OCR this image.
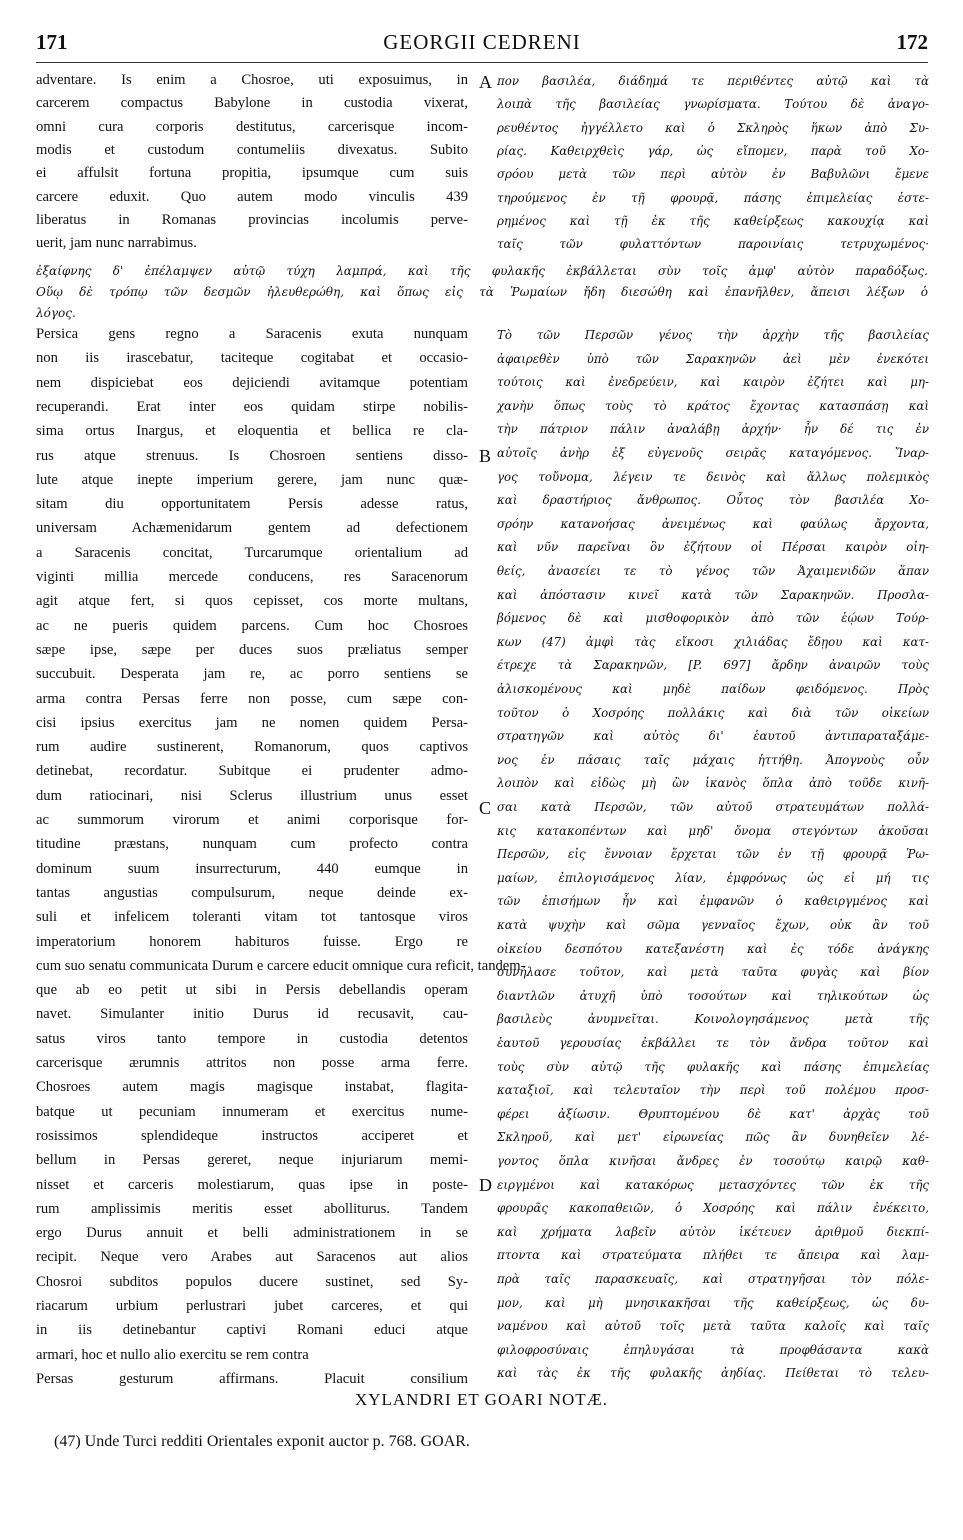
171	GEORGII CEDRENI	172
adventare. Is enim a Chosroe, uti exposuimus, in
carcerem compactus Babylone in custodia vixerat,
omni cura corporis destitutus, carcerisque incom-
modis et custodum contumeliis divexatus. Subito
ei affulsit fortuna propitia, ipsumque cum suis
carcere eduxit. Quo autem modo vinculis 439
liberatus in Romanas provincias incolumis perve-
uerit, jam nunc narrabimus.
πον βασιλέα, διάδημά τε περιθέντες αὐτῷ καὶ τὰ
λοιπὰ τῆς βασιλείας γνωρίσματα. Τούτου δὲ ἀναγο-
ρευθέντος ἠγγέλλετο καὶ ὁ Σκληρὸς ἥκων ἀπὸ Συ-
ρίας. Καθειρχθεὶς γάρ, ὡς εἴπομεν, παρὰ τοῦ Χο-
σρόου μετὰ τῶν περὶ αὐτὸν ἐν Βαβυλῶνι ἔμενε
τηρούμενος ἐν τῇ φρουρᾷ, πάσης ἐπιμελείας ἐστε-
ρημένος καὶ τῇ ἐκ τῆς καθείρξεως κακουχίᾳ καὶ
ταῖς τῶν φυλαττόντων παροινίαις τετρυχωμένος·
ἐξαίφνης δ' ἐπέλαμψεν αὐτῷ τύχη λαμπρά, καὶ τῆς φυλακῆς ἐκβάλλεται σὺν τοῖς ἀμφ' αὐτὸν παραδόξως.
Οὕῳ δὲ τρόπῳ τῶν δεσμῶν ἠλευθερώθη, καὶ ὅπως εἰς τὰ Ῥωμαίων ἤδη διεσώθη καὶ ἐπανῆλθεν, ἄπεισι λέξων ὁ
λόγος.
Persica gens regno a Saracenis exuta nunquam
non iis irascebatur, taciteque cogitabat et occasio-
nem dispiciebat eos dejiciendi avitamque potentiam
recuperandi. Erat inter eos quidam stirpe nobilis-
sima ortus Inargus, et eloquentia et bellica re cla-
rus atque strenuus. Is Chosroen sentiens disso-
lute atque inepte imperium gerere, jam nunc quæ-
sitam diu opportunitatem Persis adesse ratus,
universam Achæmenidarum gentem ad defectionem
a Saracenis concitat, Turcarumque orientalium ad
viginti millia mercede conducens, res Saracenorum
agit atque fert, si quos cepisset, cos morte multans,
ac ne pueris quidem parcens. Cum hoc Chosroes
sæpe ipse, sæpe per duces suos præliatus semper
succubuit. Desperata jam re, ac porro sentiens se
arma contra Persas ferre non posse, cum sæpe con-
cisi ipsius exercitus jam ne nomen quidem Persa-
rum audire sustinerent, Romanorum, quos captivos
detinebat, recordatur. Subitque ei prudenter admo-
dum ratiocinari, nisi Sclerus illustrium unus esset
ac summorum virorum et animi corporisque for-
titudine præstans, nunquam cum profecto contra
dominum suum insurrecturum, 440 eumque in
tantas angustias compulsurum, neque deinde ex-
suli et infelicem toleranti vitam tot tantosque viros
imperatorium honorem habituros fuisse. Ergo re
cum suo senatu communicata Durum e carcere educit omnique cura reficit, tandem-
que ab eo petit ut sibi in Persis debellandis operam
navet. Simulanter initio Durus id recusavit, cau-
satus viros tanto tempore in custodia detentos
carcerisque ærumnis attritos non posse arma ferre.
Chosroes autem magis magisque instabat, flagita-
batque ut pecuniam innumeram et exercitus nume-
rosissimos splendideque instructos acciperet et
bellum in Persas gereret, neque injuriarum memi-
nisset et carceris molestiarum, quas ipse in poste-
rum amplissimis meritis esset abolliturus. Tandem
ergo Durus annuit et belli administrationem in se
recipit. Neque vero Arabes aut Saracenos aut alios
Chosroi subditos populos ducere sustinet, sed Sy-
riacarum urbium perlustrari jubet carceres, et qui
in iis detinebantur captivi Romani educi atque
armari, hoc et nullo alio exercitu se rem contra
Persas gesturum affirmans. Placuit consilium
Τὸ τῶν Περσῶν γένος τὴν ἀρχὴν τῆς βασιλείας
ἀφαιρεθὲν ὑπὸ τῶν Σαρακηνῶν ἀεὶ μὲν ἐνεκότει
τούτοις καὶ ἐνεδρεύειν, καὶ καιρὸν ἐζήτει καὶ μη-
χανὴν ὅπως τοὺς τὸ κράτος ἔχοντας κατασπάσῃ καὶ
τὴν πάτριον πάλιν ἀναλάβῃ ἀρχήν· ἦν δέ τις ἐν
αὐτοῖς ἀνὴρ ἐξ εὐγενοῦς σειρᾶς καταγόμενος. Ἴναρ-
γος τοὔνομα, λέγειν τε δεινὸς καὶ ἄλλως πολεμικὸς
καὶ δραστήριος ἄνθρωπος. Οὗτος τὸν βασιλέα Χο-
σρόην κατανοήσας ἀνειμένως καὶ φαύλως ἄρχοντα,
καὶ νῦν παρεῖναι ὃν ἐζήτουν οἱ Πέρσαι καιρὸν οἰη-
θείς, ἀνασείει τε τὸ γένος τῶν Ἀχαιμενιδῶν ἅπαν
καὶ ἀπόστασιν κινεῖ κατὰ τῶν Σαρακηνῶν. Προσλα-
βόμενος δὲ καὶ μισθοφορικὸν ἀπὸ τῶν ἑῴων Τούρ-
κων (47) ἀμφὶ τὰς εἴκοσι χιλιάδας ἔδῃου καὶ κατ-
έτρεχε τὰ Σαρακηνῶν, [P. 697] ἄρδην ἀναιρῶν τοὺς
ἁλισκομένους καὶ μηδὲ παίδων φειδόμενος. Πρὸς
τοῦτον ὁ Χοσρόης πολλάκις καὶ διὰ τῶν οἰκείων
στρατηγῶν καὶ αὐτὸς δι' ἑαυτοῦ ἀντιπαραταξάμε-
νος ἐν πάσαις ταῖς μάχαις ἡττήθη. Ἀπογνοὺς οὖν
λοιπὸν καὶ εἰδὼς μὴ ὢν ἱκανὸς ὅπλα ἀπὸ τοῦδε κινῆ-
σαι κατὰ Περσῶν, τῶν αὐτοῦ στρατευμάτων πολλά-
κις κατακοπέντων καὶ μηδ' ὄνομα στεγόντων ἀκοῦσαι
Περσῶν, εἰς ἔννοιαν ἔρχεται τῶν ἐν τῇ φρουρᾷ Ῥω-
μαίων, ἐπιλογισάμενος λίαν, ἐμφρόνως ὡς εἰ μή τις
τῶν ἐπισήμων ἦν καὶ ἐμφανῶν ὁ καθειργμένος καὶ
κατὰ ψυχὴν καὶ σῶμα γενναῖος ἔχων, οὐκ ἂν τοῦ
οἰκείου δεσπότου κατεξανέστη καὶ ἐς τόδε ἀνάγκης
συνήλασε τοῦτον, καὶ μετὰ ταῦτα φυγὰς καὶ βίον
διαντλῶν ἀτυχῆ ὑπὸ τοσούτων καὶ τηλικούτων ὡς
βασιλεὺς ἀνυμνεῖται. Κοινολογησάμενος μετὰ τῆς
ἑαυτοῦ γερουσίας ἐκβάλλει τε τὸν ἄνδρα τοῦτον καὶ
τοὺς σὺν αὐτῷ τῆς φυλακῆς καὶ πάσης ἐπιμελείας
καταξιοῖ, καὶ τελευταῖον τὴν περὶ τοῦ πολέμου προσ-
φέρει ἀξίωσιν. Θρυπτομένου δὲ κατ' ἀρχὰς τοῦ
Σκληροῦ, καὶ μετ' εἰρωνείας πῶς ἂν δυνηθεῖεν λέ-
γοντος ὅπλα κινῆσαι ἄνδρες ἐν τοσούτῳ καιρῷ καθ-
ειργμένοι καὶ κατακόρως μετασχόντες τῶν ἐκ τῆς
φρουρᾶς κακοπαθειῶν, ὁ Χοσρόης καὶ πάλιν ἐνέκειτο,
καὶ χρήματα λαβεῖν αὐτὸν ἱκέτευεν ἀριθμοῦ διεκπί-
πτοντα καὶ στρατεύματα πλήθει τε ἄπειρα καὶ λαμ-
πρὰ ταῖς παρασκευαῖς, καὶ στρατηγῆσαι τὸν πόλε-
μον, καὶ μὴ μνησικακῆσαι τῆς καθείρξεως, ὡς δυ-
ναμένου καὶ αὐτοῦ τοῖς μετὰ ταῦτα καλοῖς καὶ ταῖς
φιλοφροσύναις ἐπηλυγάσαι τὰ προφθάσαντα κακὰ
καὶ τὰς ἐκ τῆς φυλακῆς ἀηδίας. Πείθεται τὸ τελευ-
A
B
C
D
XYLANDRI ET GOARI NOTÆ.
(47) Unde Turci redditi Orientales exponit auctor p. 768. GOAR.
